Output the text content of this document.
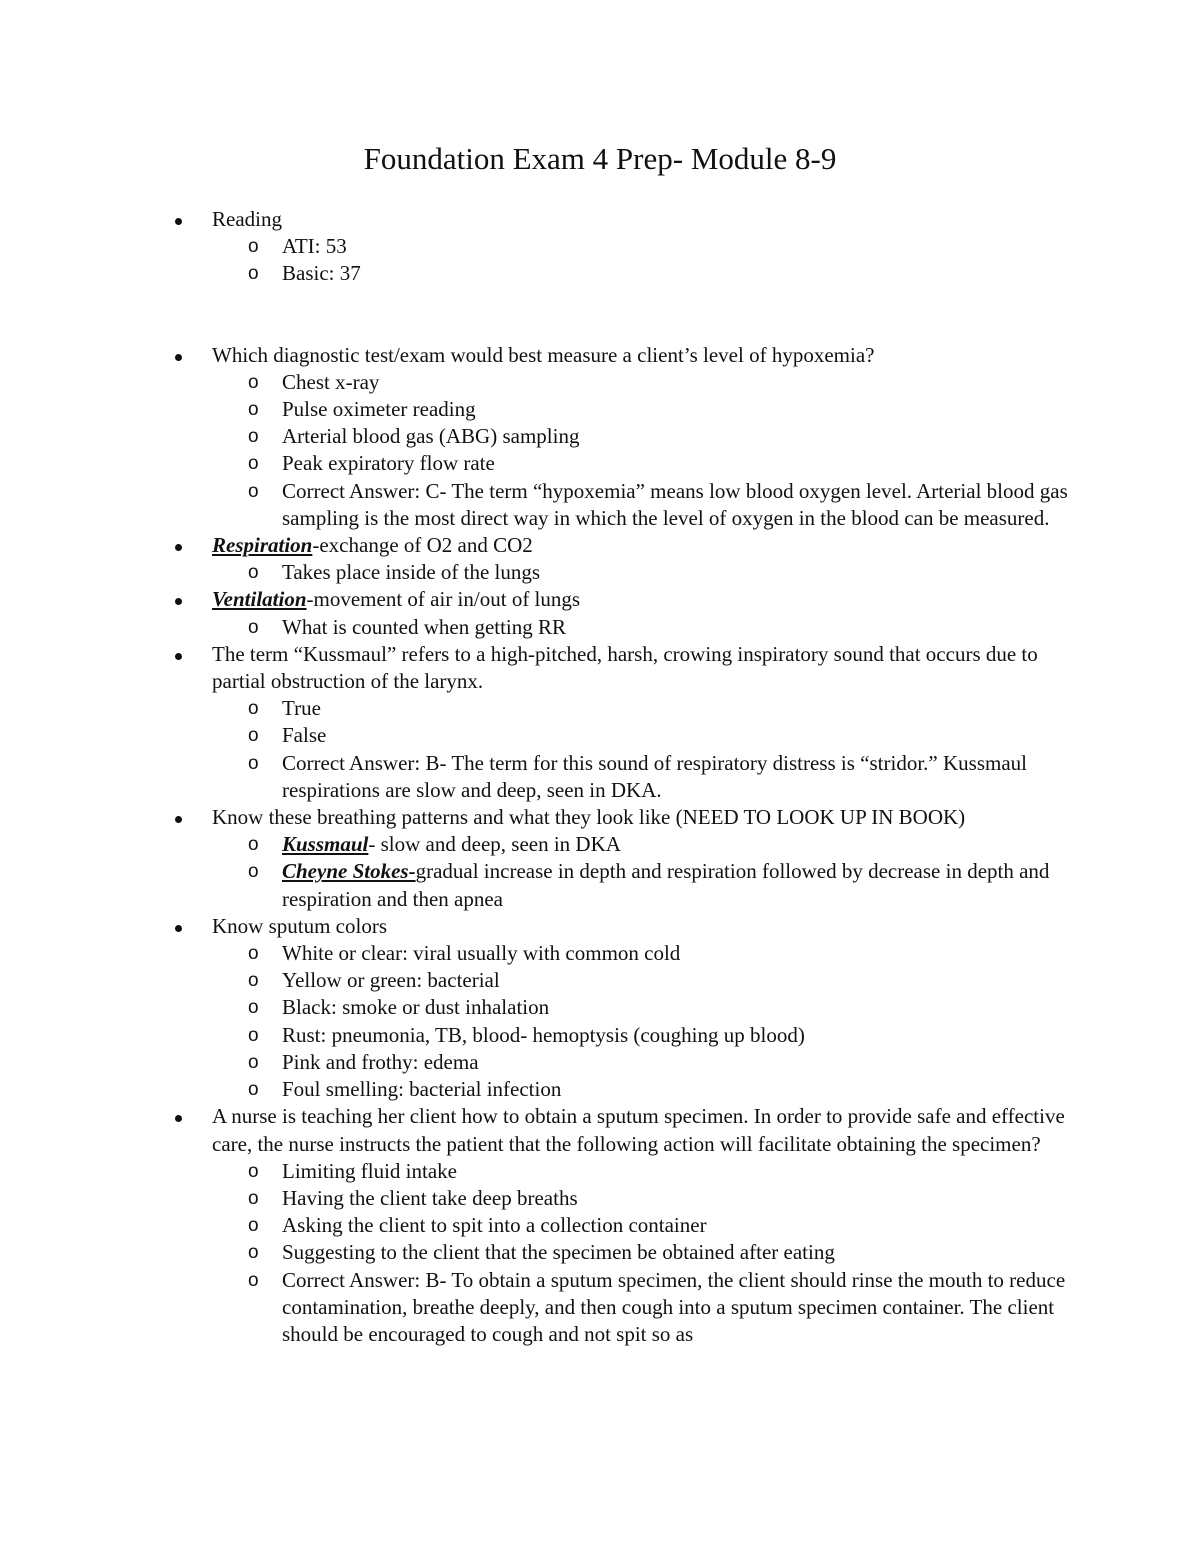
Foundation Exam 4 Prep- Module 8-9
Reading
o ATI: 53
o Basic: 37
Which diagnostic test/exam would best measure a client’s level of hypoxemia?
o Chest x-ray
o Pulse oximeter reading
o Arterial blood gas (ABG) sampling
o Peak expiratory flow rate
o Correct Answer: C- The term “hypoxemia” means low blood oxygen level. Arterial blood gas sampling is the most direct way in which the level of oxygen in the blood can be measured.
Respiration-exchange of O2 and CO2
o Takes place inside of the lungs
Ventilation-movement of air in/out of lungs
o What is counted when getting RR
The term “Kussmaul” refers to a high-pitched, harsh, crowing inspiratory sound that occurs due to partial obstruction of the larynx.
o True
o False
o Correct Answer: B- The term for this sound of respiratory distress is “stridor.” Kussmaul respirations are slow and deep, seen in DKA.
Know these breathing patterns and what they look like (NEED TO LOOK UP IN BOOK)
o Kussmaul- slow and deep, seen in DKA
o Cheyne Stokes-gradual increase in depth and respiration followed by decrease in depth and respiration and then apnea
Know sputum colors
o White or clear: viral usually with common cold
o Yellow or green: bacterial
o Black: smoke or dust inhalation
o Rust: pneumonia, TB, blood- hemoptysis (coughing up blood)
o Pink and frothy: edema
o Foul smelling: bacterial infection
A nurse is teaching her client how to obtain a sputum specimen. In order to provide safe and effective care, the nurse instructs the patient that the following action will facilitate obtaining the specimen?
o Limiting fluid intake
o Having the client take deep breaths
o Asking the client to spit into a collection container
o Suggesting to the client that the specimen be obtained after eating
o Correct Answer: B- To obtain a sputum specimen, the client should rinse the mouth to reduce contamination, breathe deeply, and then cough into a sputum specimen container. The client should be encouraged to cough and not spit so as
